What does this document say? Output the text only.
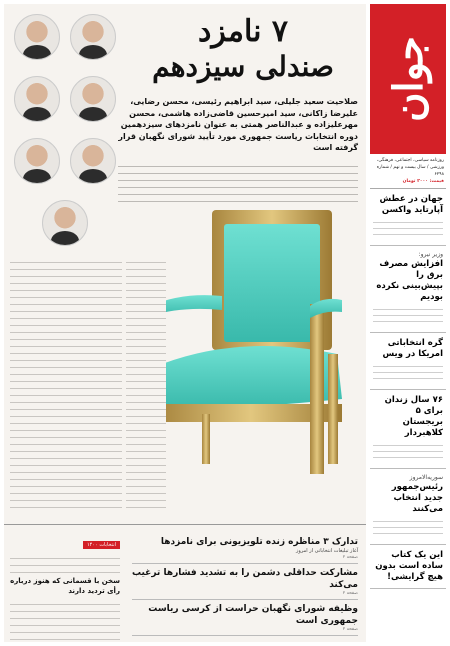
جوان
روزنامه سیاسی، اجتماعی، فرهنگی، ورزشی / سال بیست و نهم / شماره ۶۲۹۸
قیمت: ۲۰۰۰ تومان
جهان در عطش آپارتاید واکسن
وزیر نیرو:
افزایش مصرف برق را بپیش‌بینی نکرده بودیم
گره انتخاباتی امریکا در ویس
۷۶ سال زندان برای ۵ بریجستان کلاهبردار
سوریه‌الامروز
رئیس‌جمهور جدید انتخاب می‌کنند
این یک کتاب ساده است بدون هیچ گرایشی!
۷ نامزد
صندلی سیزدهم
صلاحیت سعید جلیلی، سید ابراهیم رئیسی، محسن رضایی، علیرضا زاکانی، سید امیرحسین قاضی‌زاده هاشمی، محسن مهرعلیزاده و عبدالناصر همتی به عنوان نامزدهای سیزدهمین دوره انتخابات ریاست جمهوری مورد تأیید شورای نگهبان قرار گرفته است
انتخابات ۱۴۰۰
سخن با قسمانی که هنوز درباره رأی تردید دارند
تدارک ۳ مناظره زنده تلویزیونی برای نامزدها
آغاز تبلیغات انتخاباتی از امروز
صفحه ۲
مشارکت حداقلی دشمن را به تشدید فشارها ترغیب می‌کند
صفحه ۲
وظیفه شورای نگهبان حراست از کرسی ریاست جمهوری است
صفحه ۲
